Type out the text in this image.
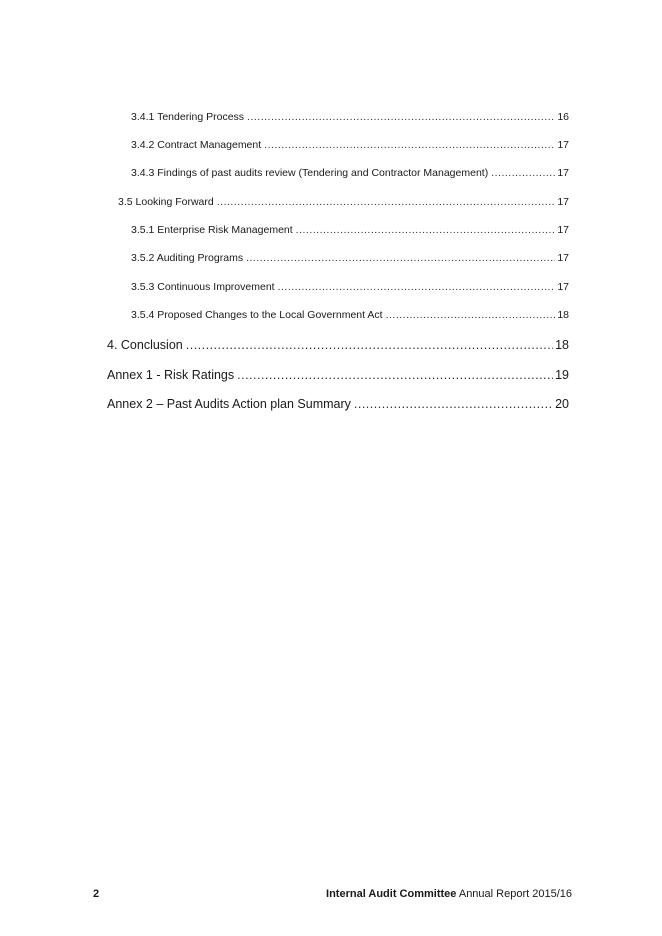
3.4.1 Tendering Process .....	16
3.4.2 Contract Management .....	17
3.4.3 Findings of past audits review (Tendering and Contractor Management) .....	17
3.5 Looking Forward .....	17
3.5.1 Enterprise Risk Management .....	17
3.5.2 Auditing Programs .....	17
3.5.3 Continuous Improvement .....	17
3.5.4 Proposed Changes to the Local Government Act .....	18
4. Conclusion .....	18
Annex 1 - Risk Ratings .....	19
Annex 2 – Past Audits Action plan Summary .....	20
2	Internal Audit Committee Annual Report 2015/16
